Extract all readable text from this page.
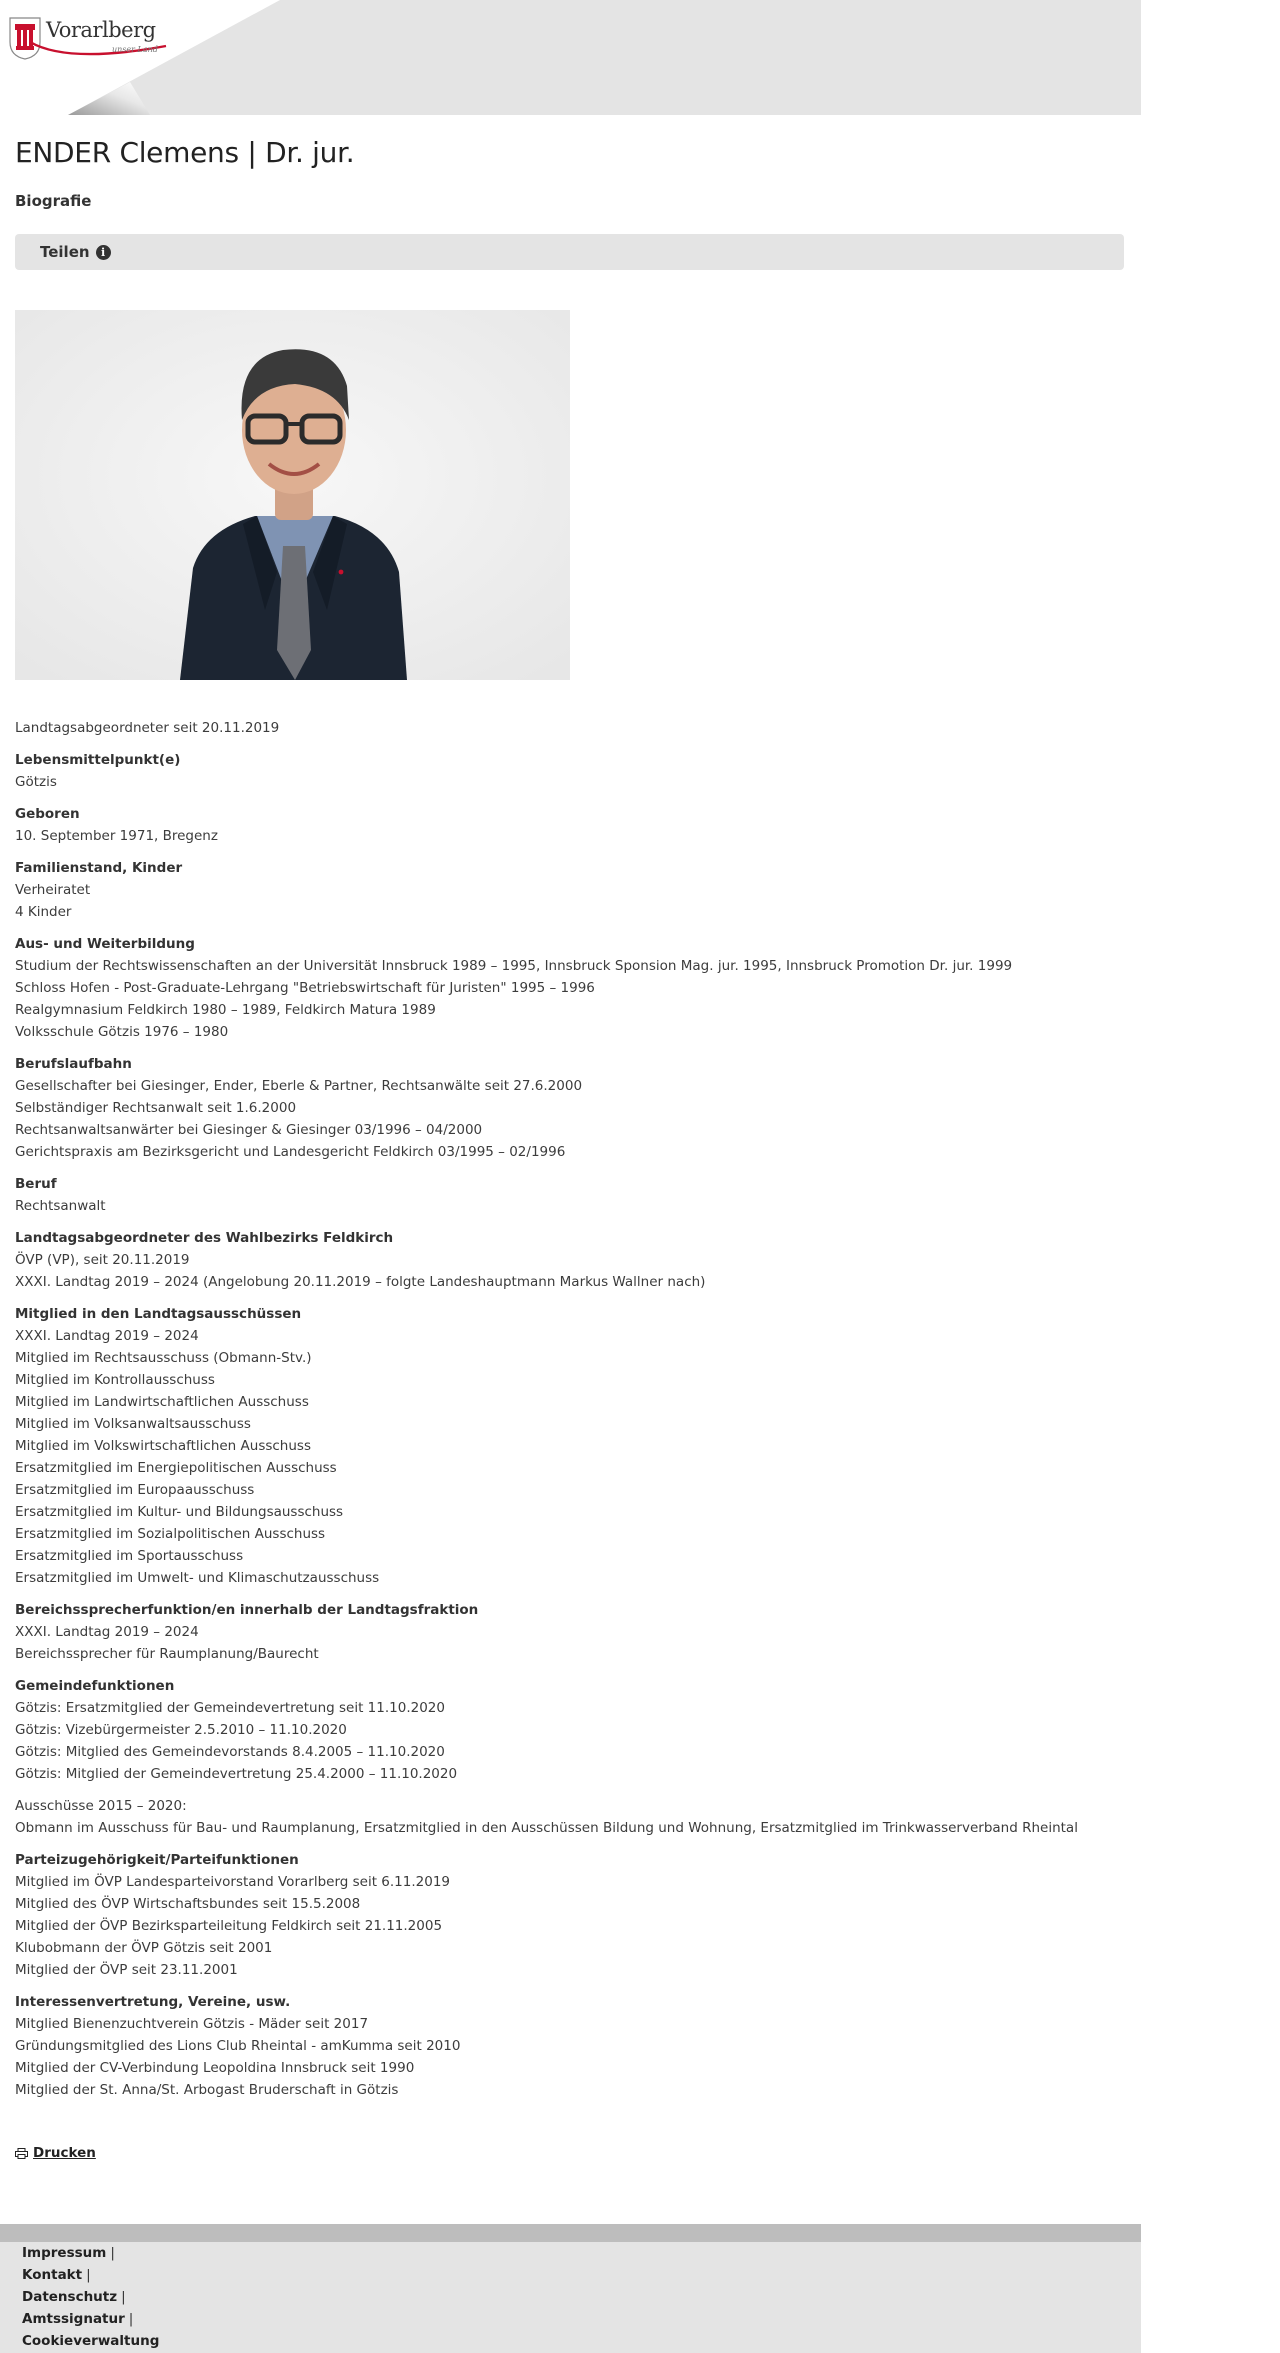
Vorarlberg
unser Land
ENDER Clemens | Dr. jur.
Biografie
Teilen	i

Landtagsabgeordneter seit 20.11.2019

Lebensmittelpunkt(e)

Götzis

Geboren

10. September 1971, Bregenz

Familienstand, Kinder

Verheiratet

4 Kinder

Aus- und Weiterbildung

Studium der Rechtswissenschaften an der Universität Innsbruck 1989 – 1995, Innsbruck Sponsion Mag. jur. 1995, Innsbruck Promotion Dr. jur. 1999

Schloss Hofen - Post-Graduate-Lehrgang "Betriebswirtschaft für Juristen" 1995 – 1996

Realgymnasium Feldkirch 1980 – 1989, Feldkirch Matura 1989

Volksschule Götzis 1976 – 1980

Berufslaufbahn

Gesellschafter bei Giesinger, Ender, Eberle & Partner, Rechtsanwälte seit 27.6.2000

Selbständiger Rechtsanwalt seit 1.6.2000

Rechtsanwaltsanwärter bei Giesinger & Giesinger 03/1996 – 04/2000

Gerichtspraxis am Bezirksgericht und Landesgericht Feldkirch 03/1995 – 02/1996

Beruf

Rechtsanwalt

Landtagsabgeordneter des Wahlbezirks Feldkirch

ÖVP (VP), seit 20.11.2019

XXXI. Landtag 2019 – 2024 (Angelobung 20.11.2019 – folgte Landeshauptmann Markus Wallner nach)

Mitglied in den Landtagsausschüssen

XXXI. Landtag 2019 – 2024

Mitglied im Rechtsausschuss (Obmann-Stv.)

Mitglied im Kontrollausschuss

Mitglied im Landwirtschaftlichen Ausschuss

Mitglied im Volksanwaltsausschuss

Mitglied im Volkswirtschaftlichen Ausschuss

Ersatzmitglied im Energiepolitischen Ausschuss

Ersatzmitglied im Europaausschuss

Ersatzmitglied im Kultur- und Bildungsausschuss

Ersatzmitglied im Sozialpolitischen Ausschuss

Ersatzmitglied im Sportausschuss

Ersatzmitglied im Umwelt- und Klimaschutzausschuss

Bereichssprecherfunktion/en innerhalb der Landtagsfraktion

XXXI. Landtag 2019 – 2024

Bereichssprecher für Raumplanung/Baurecht

Gemeindefunktionen

Götzis: Ersatzmitglied der Gemeindevertretung seit 11.10.2020

Götzis: Vizebürgermeister 2.5.2010 – 11.10.2020

Götzis: Mitglied des Gemeindevorstands 8.4.2005 – 11.10.2020

Götzis: Mitglied der Gemeindevertretung 25.4.2000 – 11.10.2020

Ausschüsse 2015 – 2020:

Obmann im Ausschuss für Bau- und Raumplanung, Ersatzmitglied in den Ausschüssen Bildung und Wohnung, Ersatzmitglied im Trinkwasserverband Rheintal

Parteizugehörigkeit/Parteifunktionen

Mitglied im ÖVP Landesparteivorstand Vorarlberg seit 6.11.2019

Mitglied des ÖVP Wirtschaftsbundes seit 15.5.2008

Mitglied der ÖVP Bezirksparteileitung Feldkirch seit 21.11.2005

Klubobmann der ÖVP Götzis seit 2001

Mitglied der ÖVP seit 23.11.2001

Interessenvertretung, Vereine, usw.

Mitglied Bienenzuchtverein Götzis - Mäder seit 2017

Gründungsmitglied des Lions Club Rheintal - amKumma seit 2010

Mitglied der CV-Verbindung Leopoldina Innsbruck seit 1990

Mitglied der St. Anna/St. Arbogast Bruderschaft in Götzis

Drucken
Impressum |
Kontakt |
Datenschutz |
Amtssignatur |
Cookieverwaltung
